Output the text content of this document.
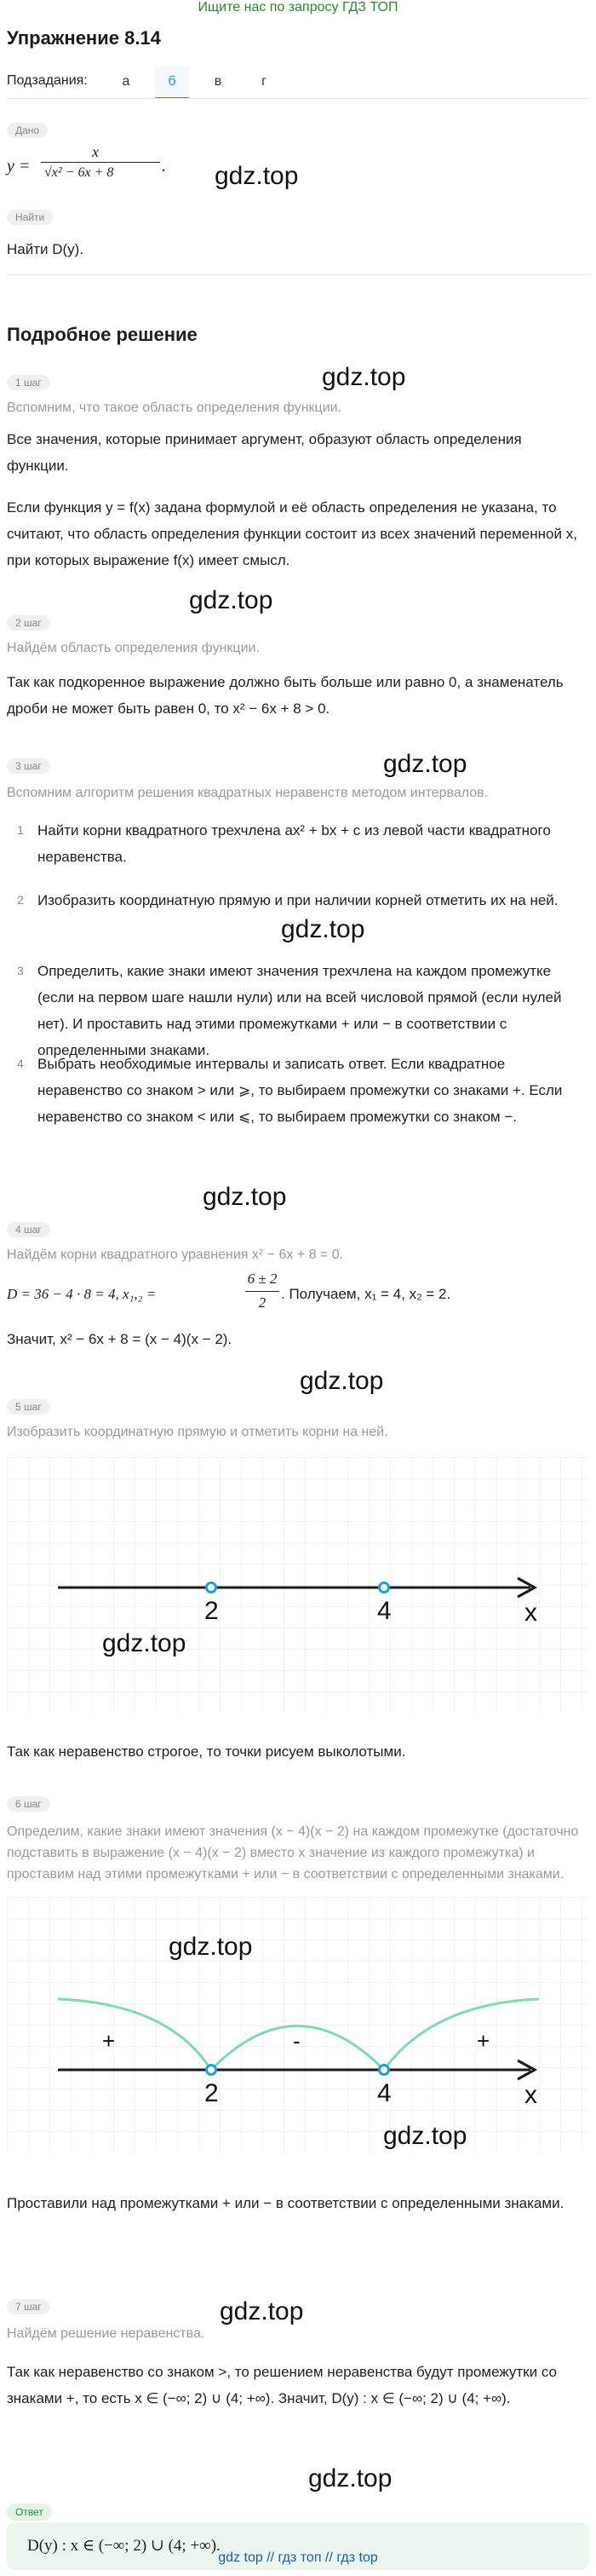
Ищите нас по запросу ГДЗ ТОП
Упражнение 8.14
Подзадания:	а	б	в	г
Дано
y =
x
√x² − 6x + 8	. gdz.top
Найти
Найти D(y).
Подробное решение
gdz.top
1 шаг
Вспомним, что такое область определения функции.
Все значения, которые принимает аргумент, образуют область определения функции.
Если функция y = f(x) задана формулой и её область определения не указана, то считают, что область определения функции состоит из всех значений переменной x, при которых выражение f(x) имеет смысл.
gdz.top
2 шаг
Найдём область определения функции.
Так как подкоренное выражение должно быть больше или равно 0, а знаменатель дроби не может быть равен 0, то x² − 6x + 8 > 0.
gdz.top
3 шаг
Вспомним алгоритм решения квадратных неравенств методом интервалов.
1 Найти корни квадратного трехчлена ax² + bx + c из левой части квадратного неравенства.
2 Изобразить координатную прямую и при наличии корней отметить их на ней.
gdz.top
3 Определить, какие знаки имеют значения трехчлена на каждом промежутке (если на первом шаге нашли нули) или на всей числовой прямой (если нулей нет). И проставить над этими промежутками + или − в соответствии с определенными знаками.
4 Выбрать необходимые интервалы и записать ответ. Если квадратное неравенство со знаком > или ⩾, то выбираем промежутки со знаками +. Если неравенство со знаком < или ⩽, то выбираем промежутки со знаком −.
gdz.top
4 шаг
Найдём корни квадратного уравнения x² − 6x + 8 = 0.
D = 36 − 4 · 8 = 4, x₁,₂ =
6 ± 2
2
. Получаем, x₁ = 4, x₂ = 2.
Значит, x² − 6x + 8 = (x − 4)(x − 2).
gdz.top
5 шаг
Изобразить координатную прямую и отметить корни на ней.
2	4	x
gdz.top
Так как неравенство строгое, то точки рисуем выколотыми.
6 шаг
Определим, какие знаки имеют значения (x − 4)(x − 2) на каждом промежутке (достаточно подставить в выражение (x − 4)(x − 2) вместо x значение из каждого промежутка) и проставим над этими промежутками + или − в соответствии с определенными знаками.
gdz.top
+	-	+
2	4	x
gdz.top
Проставили над промежутками + или − в соответствии с определенными знаками.
7 шаг	gdz.top
Найдём решение неравенства.
Так как неравенство со знаком >, то решением неравенства будут промежутки со знаками +, то есть x ∈ (−∞; 2) ∪ (4; +∞). Значит, D(y) : x ∈ (−∞; 2) ∪ (4; +∞).
gdz.top
Ответ
D(y) : x ∈ (−∞; 2) ∪ (4; +∞).
gdz top // гдз топ // гдз top
